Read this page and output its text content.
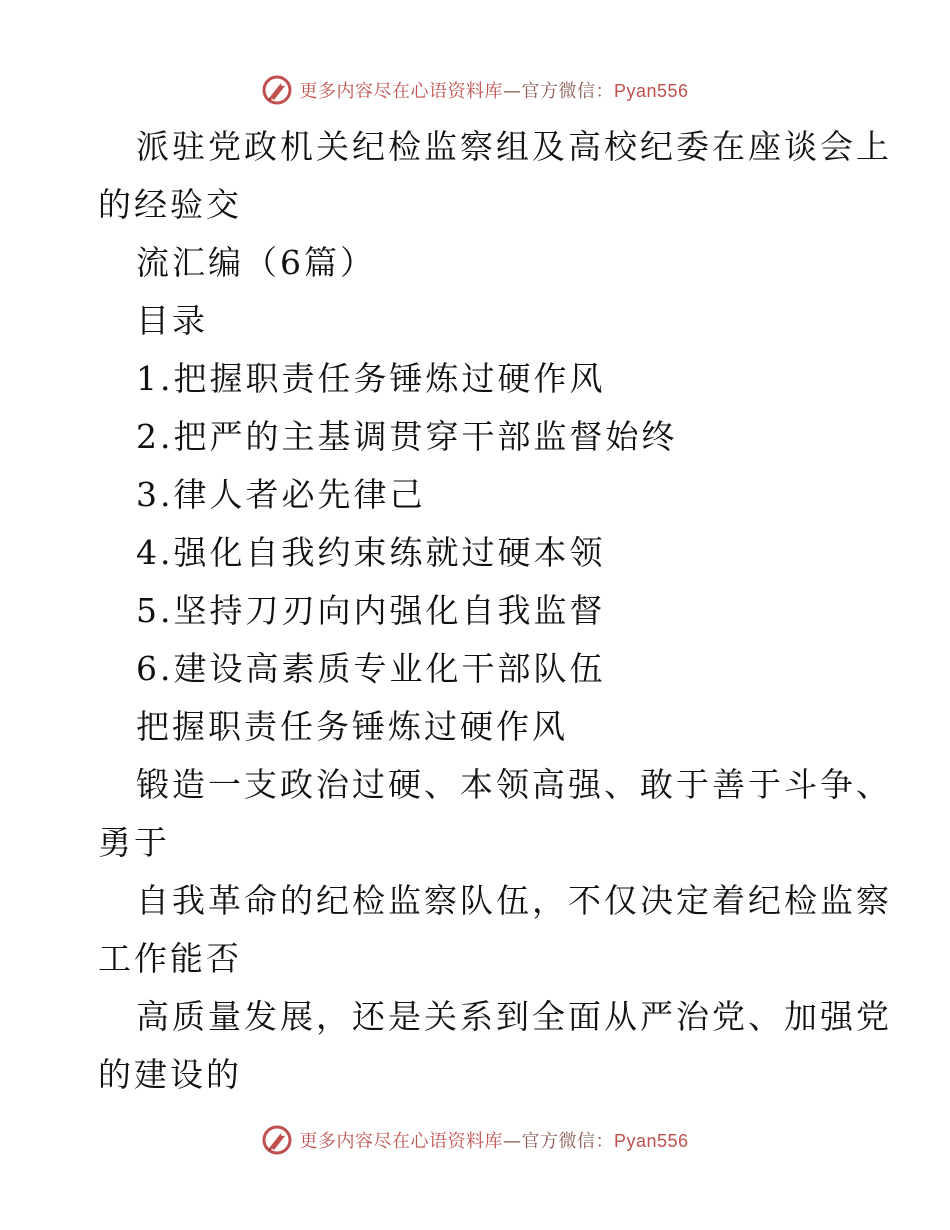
更多内容尽在心语资料库—官方微信：Pyan556
派驻党政机关纪检监察组及高校纪委在座谈会上
的经验交
流汇编（6篇）
目录
1.把握职责任务锤炼过硬作风
2.把严的主基调贯穿干部监督始终
3.律人者必先律己
4.强化自我约束练就过硬本领
5.坚持刀刃向内强化自我监督
6.建设高素质专业化干部队伍
把握职责任务锤炼过硬作风
锻造一支政治过硬、本领高强、敢于善于斗争、
勇于
自我革命的纪检监察队伍，不仅决定着纪检监察
工作能否
高质量发展，还是关系到全面从严治党、加强党
的建设的
更多内容尽在心语资料库—官方微信：Pyan556
